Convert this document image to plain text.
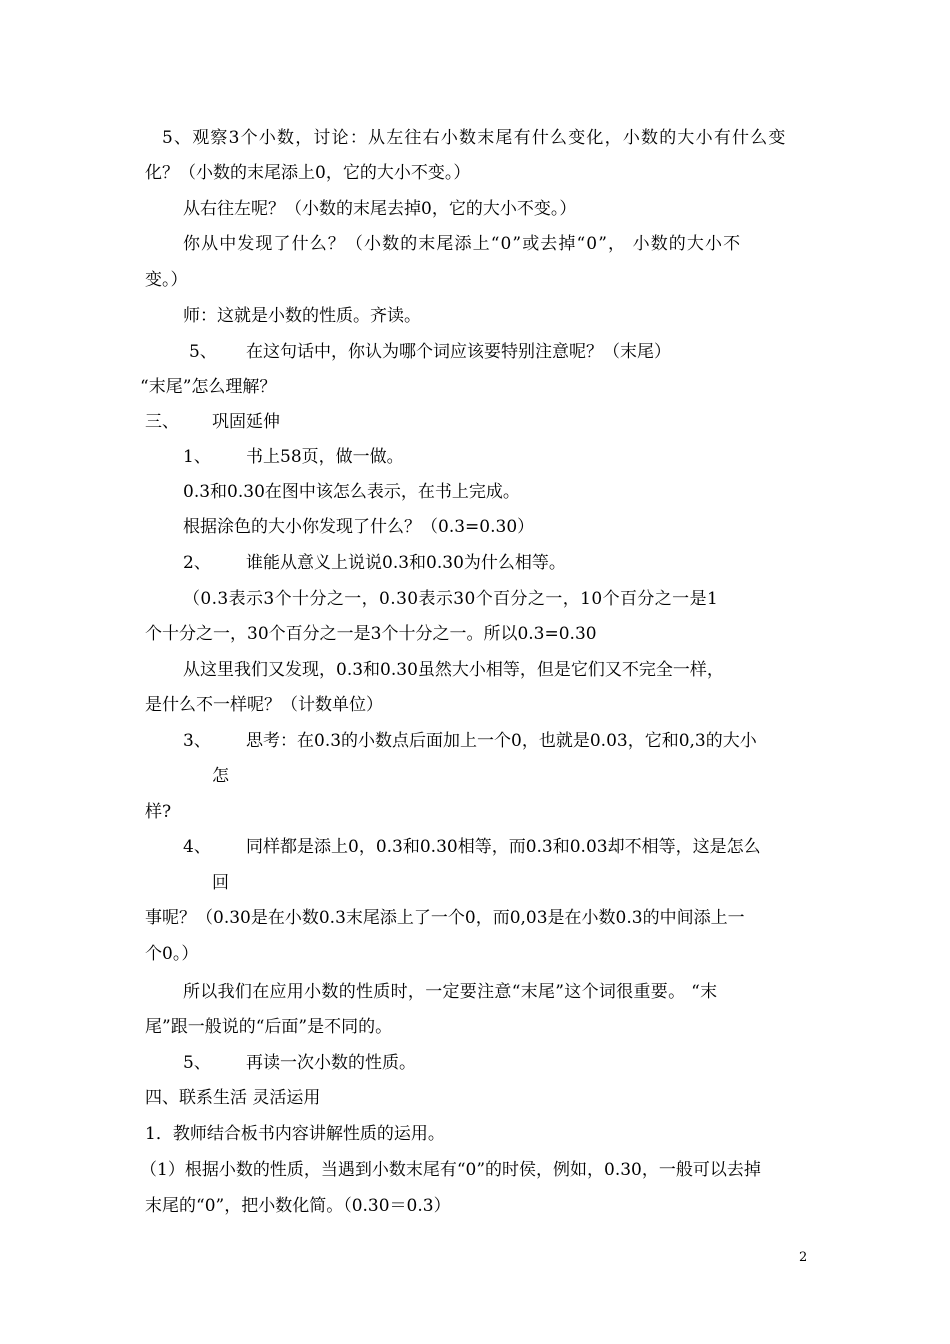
5、观察3个小数，讨论：从左往右小数末尾有什么变化，小数的大小有什么变
化？（小数的末尾添上0，它的大小不变。）
从右往左呢？（小数的末尾去掉0，它的大小不变。）
你从中发现了什么？（小数的末尾添上“0”或去掉“0”， 小数的大小不
变。）
师：这就是小数的性质。齐读。
5、 在这句话中，你认为哪个词应该要特别注意呢？（末尾）
“末尾”怎么理解？
三、 巩固延伸
1、 书上58页，做一做。
0.3和0.30在图中该怎么表示，在书上完成。
根据涂色的大小你发现了什么？（0.3=0.30）
2、 谁能从意义上说说0.3和0.30为什么相等。
（0.3表示3个十分之一，0.30表示30个百分之一，10个百分之一是1
个十分之一，30个百分之一是3个十分之一。所以0.3=0.30
从这里我们又发现，0.3和0.30虽然大小相等，但是它们又不完全一样，
是什么不一样呢？（计数单位）
3、 思考：在0.3的小数点后面加上一个0，也就是0.03，它和0,3的大小
怎
样?
4、 同样都是添上0，0.3和0.30相等，而0.3和0.03却不相等，这是怎么
回
事呢？（0.30是在小数0.3末尾添上了一个0，而0,03是在小数0.3的中间添上一
个0。）
所以我们在应用小数的性质时，一定要注意“末尾”这个词很重要。 “末
尾”跟一般说的“后面”是不同的。
5、 再读一次小数的性质。
四、联系生活 灵活运用
1．教师结合板书内容讲解性质的运用。
（1）根据小数的性质，当遇到小数末尾有“0”的时侯，例如，0.30，一般可以去掉
末尾的“0”，把小数化简。（0.30＝0.3）
2
